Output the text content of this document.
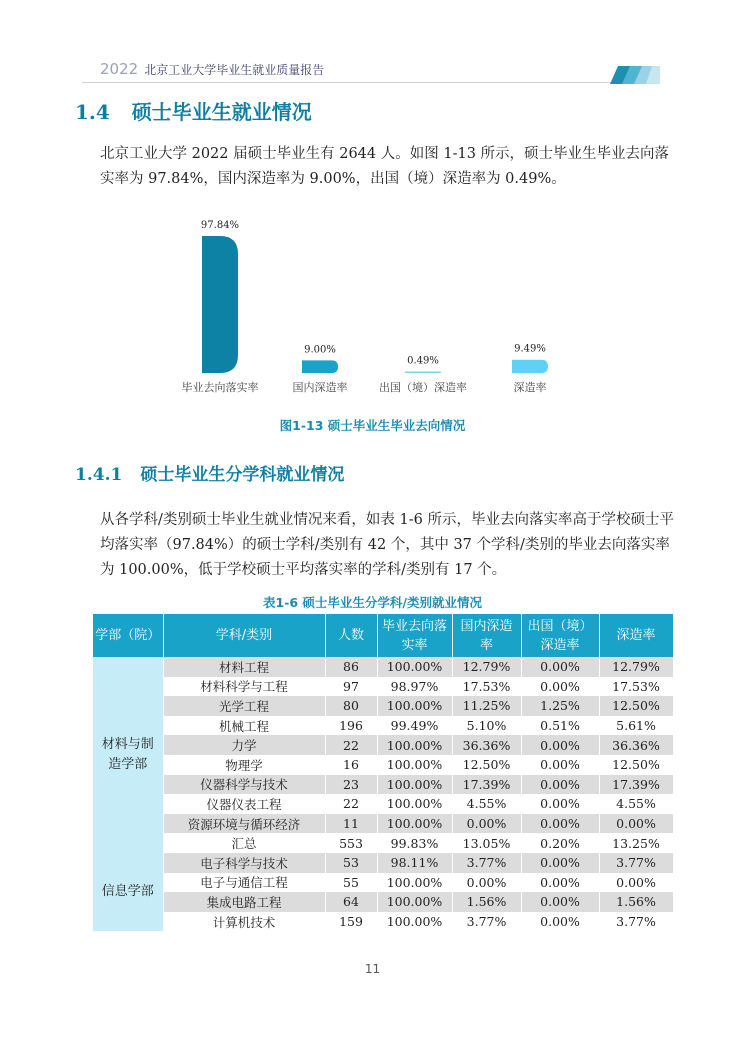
2022 北京工业大学毕业生就业质量报告
1.4 硕士毕业生就业情况

北京工业大学 2022 届硕士毕业生有 2644 人。如图 1-13 所示，硕士毕业生毕业去向落实率为 97.84%，国内深造率为 9.00%，出国（境）深造率为 0.49%。

97.84%
毕业去向落实率
9.00%
国内深造率
0.49%
出国（境）深造率
9.49%
深造率
图1-13 硕士毕业生毕业去向情况
1.4.1 硕士毕业生分学科就业情况

从各学科/类别硕士毕业生就业情况来看，如表 1-6 所示，毕业去向落实率高于学校硕士平均落实率（97.84%）的硕士学科/类别有 42 个，其中 37 个学科/类别的毕业去向落实率为 100.00%，低于学校硕士平均落实率的学科/类别有 17 个。

表1-6 硕士毕业生分学科/类别就业情况
学部（院）	学科/类别	人数	毕业去向落实率	国内深造率	出国（境）深造率	深造率
材料与制造学部	材料工程	86	100.00%	12.79%	0.00%	12.79%
	材料科学与工程	97	98.97%	17.53%	0.00%	17.53%
	光学工程	80	100.00%	11.25%	1.25%	12.50%
	机械工程	196	99.49%	5.10%	0.51%	5.61%
	力学	22	100.00%	36.36%	0.00%	36.36%
	物理学	16	100.00%	12.50%	0.00%	12.50%
	仪器科学与技术	23	100.00%	17.39%	0.00%	17.39%
	仪器仪表工程	22	100.00%	4.55%	0.00%	4.55%
	资源环境与循环经济	11	100.00%	0.00%	0.00%	0.00%
	汇总	553	99.83%	13.05%	0.20%	13.25%
信息学部	电子科学与技术	53	98.11%	3.77%	0.00%	3.77%
	电子与通信工程	55	100.00%	0.00%	0.00%	0.00%
	集成电路工程	64	100.00%	1.56%	0.00%	1.56%
	计算机技术	159	100.00%	3.77%	0.00%	3.77%
11
